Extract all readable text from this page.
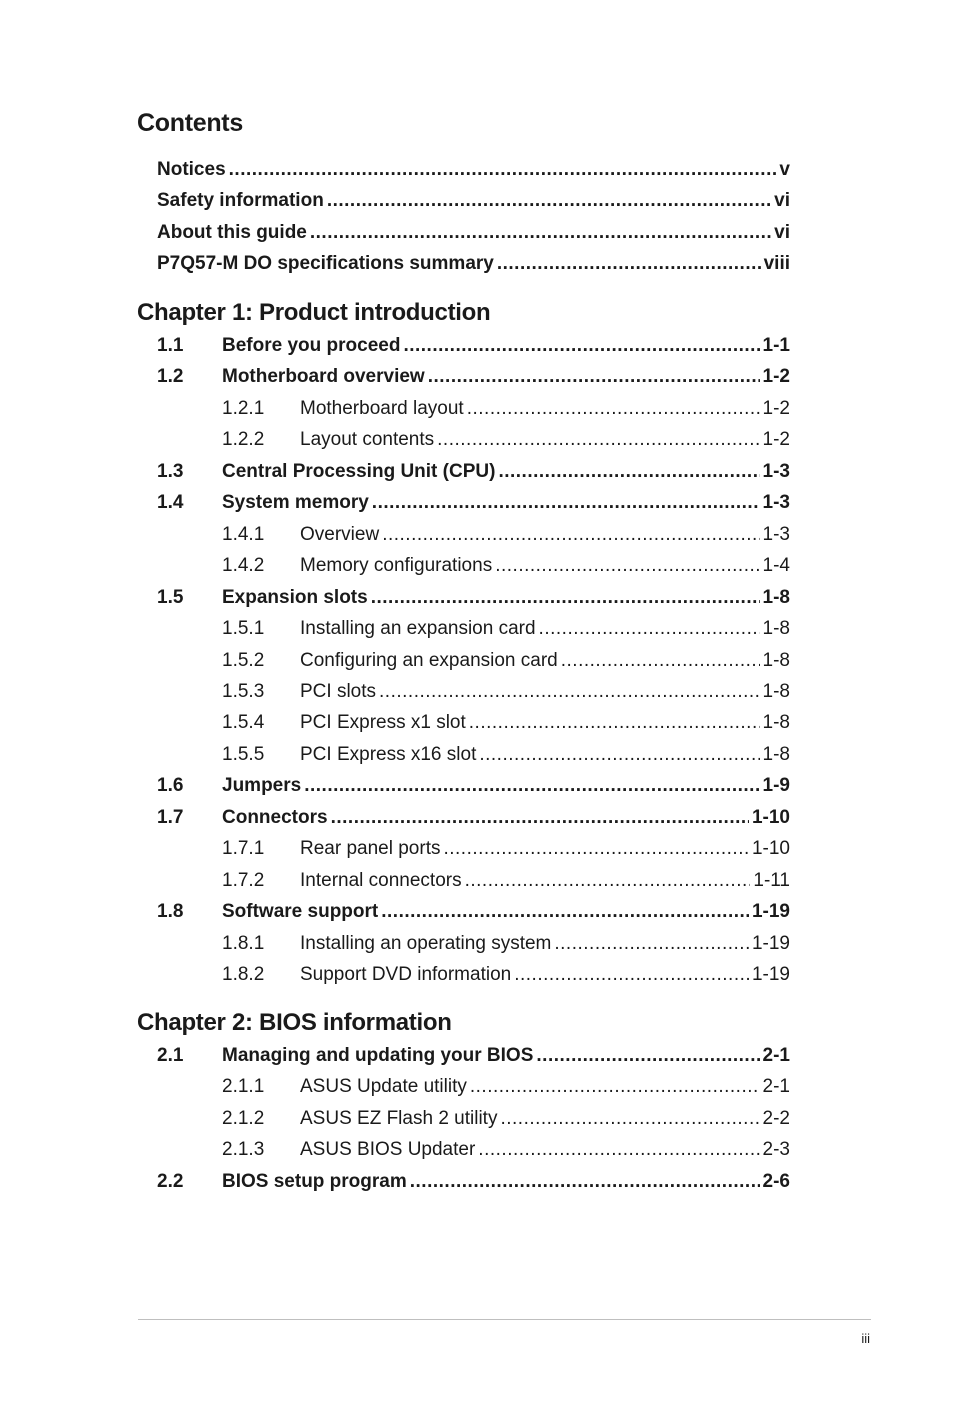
Contents
Notices .....	v
Safety information .....	vi
About this guide .....	vi
P7Q57-M DO specifications summary .....	viii
Chapter 1: Product introduction
1.1	Before you proceed .....	1-1
1.2	Motherboard overview .....	1-2
1.2.1	Motherboard layout .....	1-2
1.2.2	Layout contents .....	1-2
1.3	Central Processing Unit (CPU) .....	1-3
1.4	System memory .....	1-3
1.4.1	Overview .....	1-3
1.4.2	Memory configurations .....	1-4
1.5	Expansion slots .....	1-8
1.5.1	Installing an expansion card .....	1-8
1.5.2	Configuring an expansion card .....	1-8
1.5.3	PCI slots .....	1-8
1.5.4	PCI Express x1 slot .....	1-8
1.5.5	PCI Express x16 slot .....	1-8
1.6	Jumpers .....	1-9
1.7	Connectors .....	1-10
1.7.1	Rear panel ports .....	1-10
1.7.2	Internal connectors .....	1-11
1.8	Software support .....	1-19
1.8.1	Installing an operating system .....	1-19
1.8.2	Support DVD information .....	1-19
Chapter 2: BIOS information
2.1	Managing and updating your BIOS .....	2-1
2.1.1	ASUS Update utility .....	2-1
2.1.2	ASUS EZ Flash 2 utility .....	2-2
2.1.3	ASUS BIOS Updater .....	2-3
2.2	BIOS setup program .....	2-6
iii
